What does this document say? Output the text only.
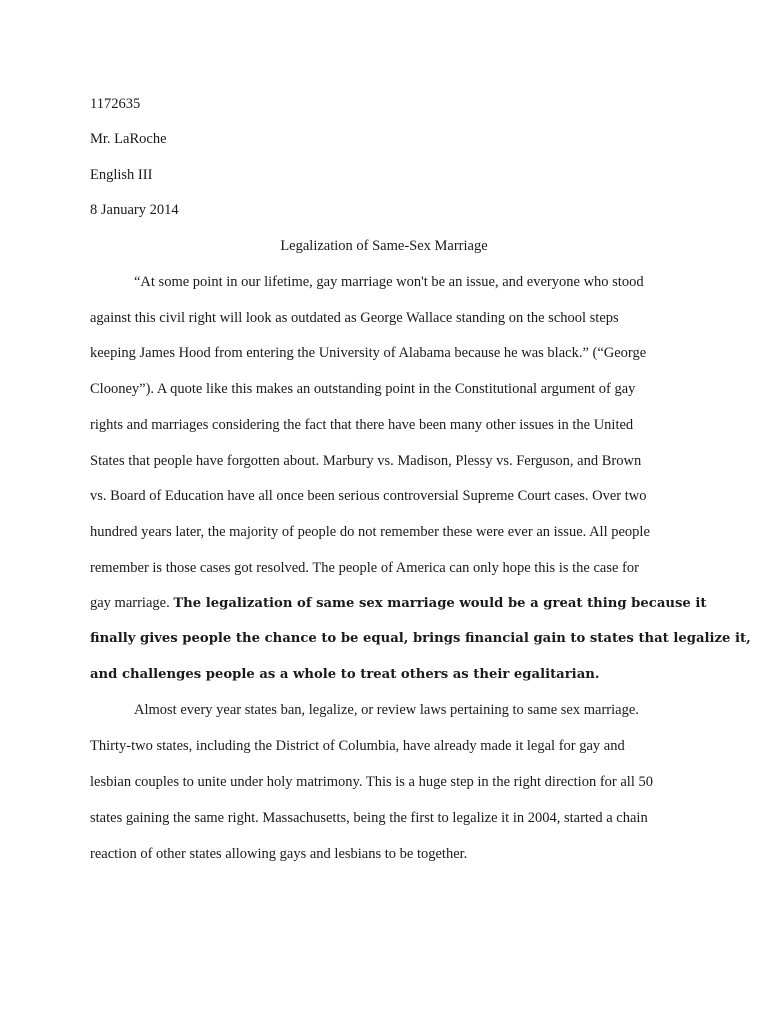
1172635
Mr. LaRoche
English III
8 January 2014
Legalization of Same-Sex Marriage
“At some point in our lifetime, gay marriage won't be an issue, and everyone who stood
against this civil right will look as outdated as George Wallace standing on the school steps
keeping James Hood from entering the University of Alabama because he was black.” (“George
Clooney”). A quote like this makes an outstanding point in the Constitutional argument of gay
rights and marriages considering the fact that there have been many other issues in the United
States that people have forgotten about. Marbury vs. Madison, Plessy vs. Ferguson, and Brown
vs. Board of Education have all once been serious controversial Supreme Court cases. Over two
hundred years later, the majority of people do not remember these were ever an issue. All people
remember is those cases got resolved. The people of America can only hope this is the case for
gay marriage. The legalization of same sex marriage would be a great thing because it
finally gives people the chance to be equal, brings financial gain to states that legalize it,
and challenges people as a whole to treat others as their egalitarian.
Almost every year states ban, legalize, or review laws pertaining to same sex marriage.
Thirty-two states, including the District of Columbia, have already made it legal for gay and
lesbian couples to unite under holy matrimony. This is a huge step in the right direction for all 50
states gaining the same right. Massachusetts, being the first to legalize it in 2004, started a chain
reaction of other states allowing gays and lesbians to be together.
